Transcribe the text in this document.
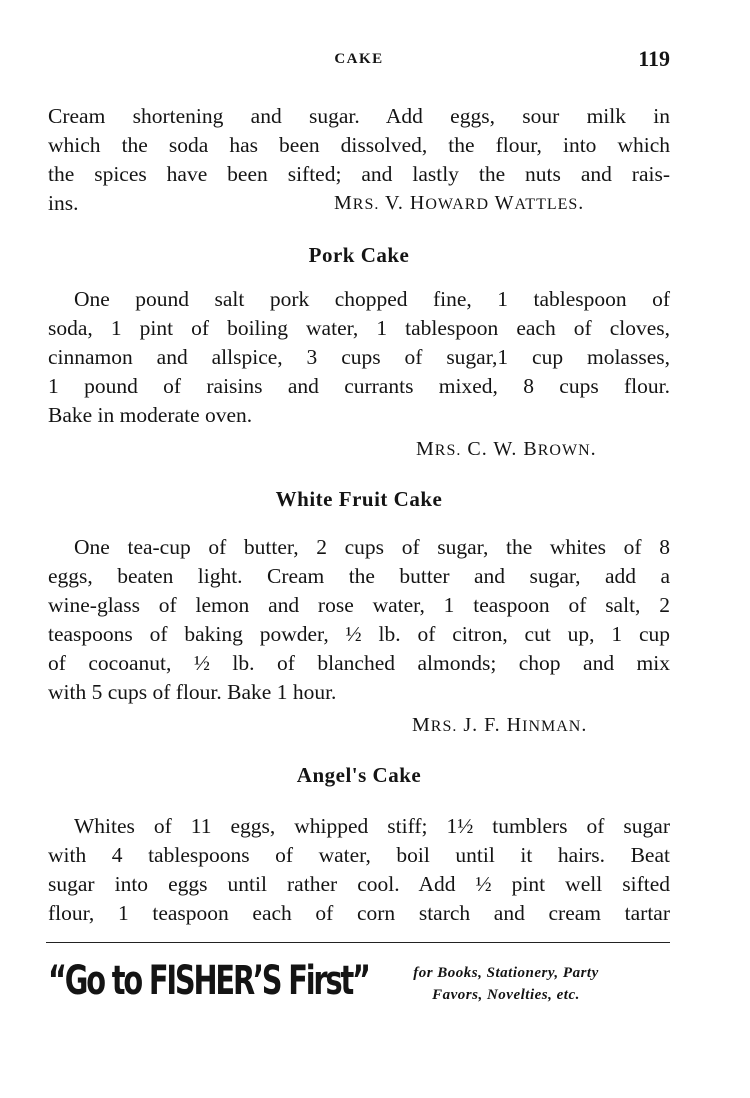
CAKE	119
Cream shortening and sugar. Add eggs, sour milk in
which the soda has been dissolved, the flour, into which
the spices have been sifted; and lastly the nuts and rais-
ins.	MRS. V. HOWARD WATTLES.
Pork Cake
One pound salt pork chopped fine, 1 tablespoon of
soda, 1 pint of boiling water, 1 tablespoon each of cloves,
cinnamon and allspice, 3 cups of sugar,1 cup molasses,
1 pound of raisins and currants mixed, 8 cups flour.
Bake in moderate oven.
MRS. C. W. BROWN.
White Fruit Cake
One tea-cup of butter, 2 cups of sugar, the whites of 8
eggs, beaten light. Cream the butter and sugar, add a
wine-glass of lemon and rose water, 1 teaspoon of salt, 2
teaspoons of baking powder, ½ lb. of citron, cut up, 1 cup
of cocoanut, ½ lb. of blanched almonds; chop and mix
with 5 cups of flour. Bake 1 hour.
MRS. J. F. HINMAN.
Angel's Cake
Whites of 11 eggs, whipped stiff; 1½ tumblers of sugar
with 4 tablespoons of water, boil until it hairs. Beat
sugar into eggs until rather cool. Add ½ pint well sifted
flour, 1 teaspoon each of corn starch and cream tartar
“Go to FISHER’S First”	for Books, Stationery, Party
Favors, Novelties, etc.
